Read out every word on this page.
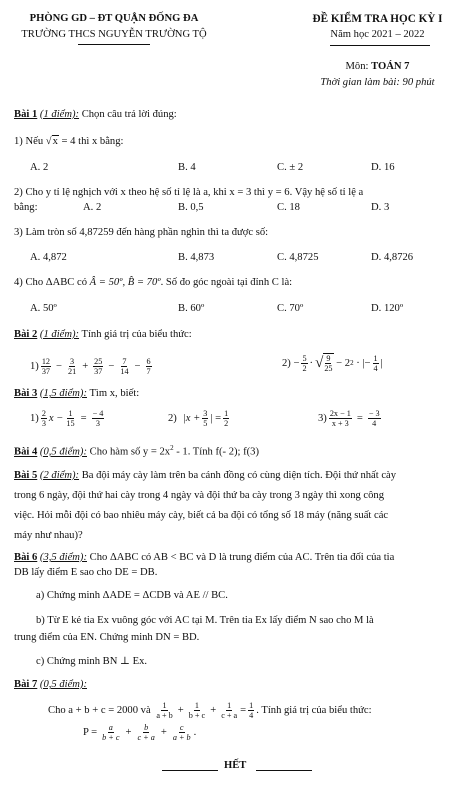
PHÒNG GD – ĐT QUẬN ĐỐNG ĐA
TRƯỜNG THCS NGUYỄN TRƯỜNG TỘ
ĐỀ KIỂM TRA HỌC KỲ I
Năm học 2021 – 2022
Môn: TOÁN 7
Thời gian làm bài: 90 phút
Bài 1 (1 điểm): Chọn câu trả lời đúng:
1) Nếu √x = 4 thì x bằng:
A. 2	B. 4	C. ± 2	D. 16
2) Cho y tỉ lệ nghịch với x theo hệ số tỉ lệ là a, khi x = 3 thì y = 6. Vậy hệ số tỉ lệ a
bằng:	A. 2	B. 0,5	C. 18	D. 3
3) Làm tròn số 4,87259 đến hàng phần nghìn thì ta được số:
A. 4,872	B. 4,873	C. 4,8725	D. 4,8726
4) Cho ΔABC có Â = 50º, B̂ = 70º. Số đo góc ngoài tại đỉnh C là:
A. 50º	B. 60º	C. 70º	D. 120º
Bài 2 (1 điểm): Tính giá trị của biểu thức:
$1) \frac{12}{37} - \frac{3}{21} + \frac{25}{37} - \frac{7}{14} - \frac{6}{7}$	$2) - \frac{5}{2}$ · √ $\frac{9}{25} - 2$ 2 · |− $\frac{1}{4}$ |
Bài 3 (1,5 điểm): Tìm x, biết:
$1) \frac{2}{3}$ $x - \frac{1}{15} = \frac{- 4}{3}$	2) $|x + \frac{3}{5}$ | = $\frac{1}{2}$	$3) \frac{2x - 1}{x + 3} = \frac{- 3}{4}$
Bài 4 (0,5 điểm): Cho hàm số $y = 2x^2 - 1$. Tính f(- 2); f(3)
Bài 5 (2 điểm): Ba đội máy cày làm trên ba cánh đồng có cùng diện tích. Đội thứ nhất cày
trong 6 ngày, đội thứ hai cày trong 4 ngày và đội thứ ba cày trong 3 ngày thì xong công
việc. Hỏi mỗi đội có bao nhiêu máy cày, biết cả ba đội có tổng số 18 máy (năng suất các
máy như nhau)?
Bài 6 (3,5 điểm): Cho ΔABC có AB < BC và D là trung điểm của AC. Trên tia đối của tia
DB lấy điểm E sao cho DE = DB.
a) Chứng minh ΔADE = ΔCDB và AE // BC.
b) Từ E kẻ tia Ex vuông góc với AC tại M. Trên tia Ex lấy điểm N sao cho M là
trung điểm của EN. Chứng minh DN = BD.
c) Chứng minh BN ⊥ Ex.
Bài 7 (0,5 điểm):
Cho a + b + c = 2000 và $\frac{1}{a + b} + \frac{1}{b + c} + \frac{1}{c + a} = \frac{1}{4}$ . Tính giá trị của biểu thức:
$P = \frac{a}{b + c} + \frac{b}{c + a} + \frac{c}{a + b}$ .
HẾT
